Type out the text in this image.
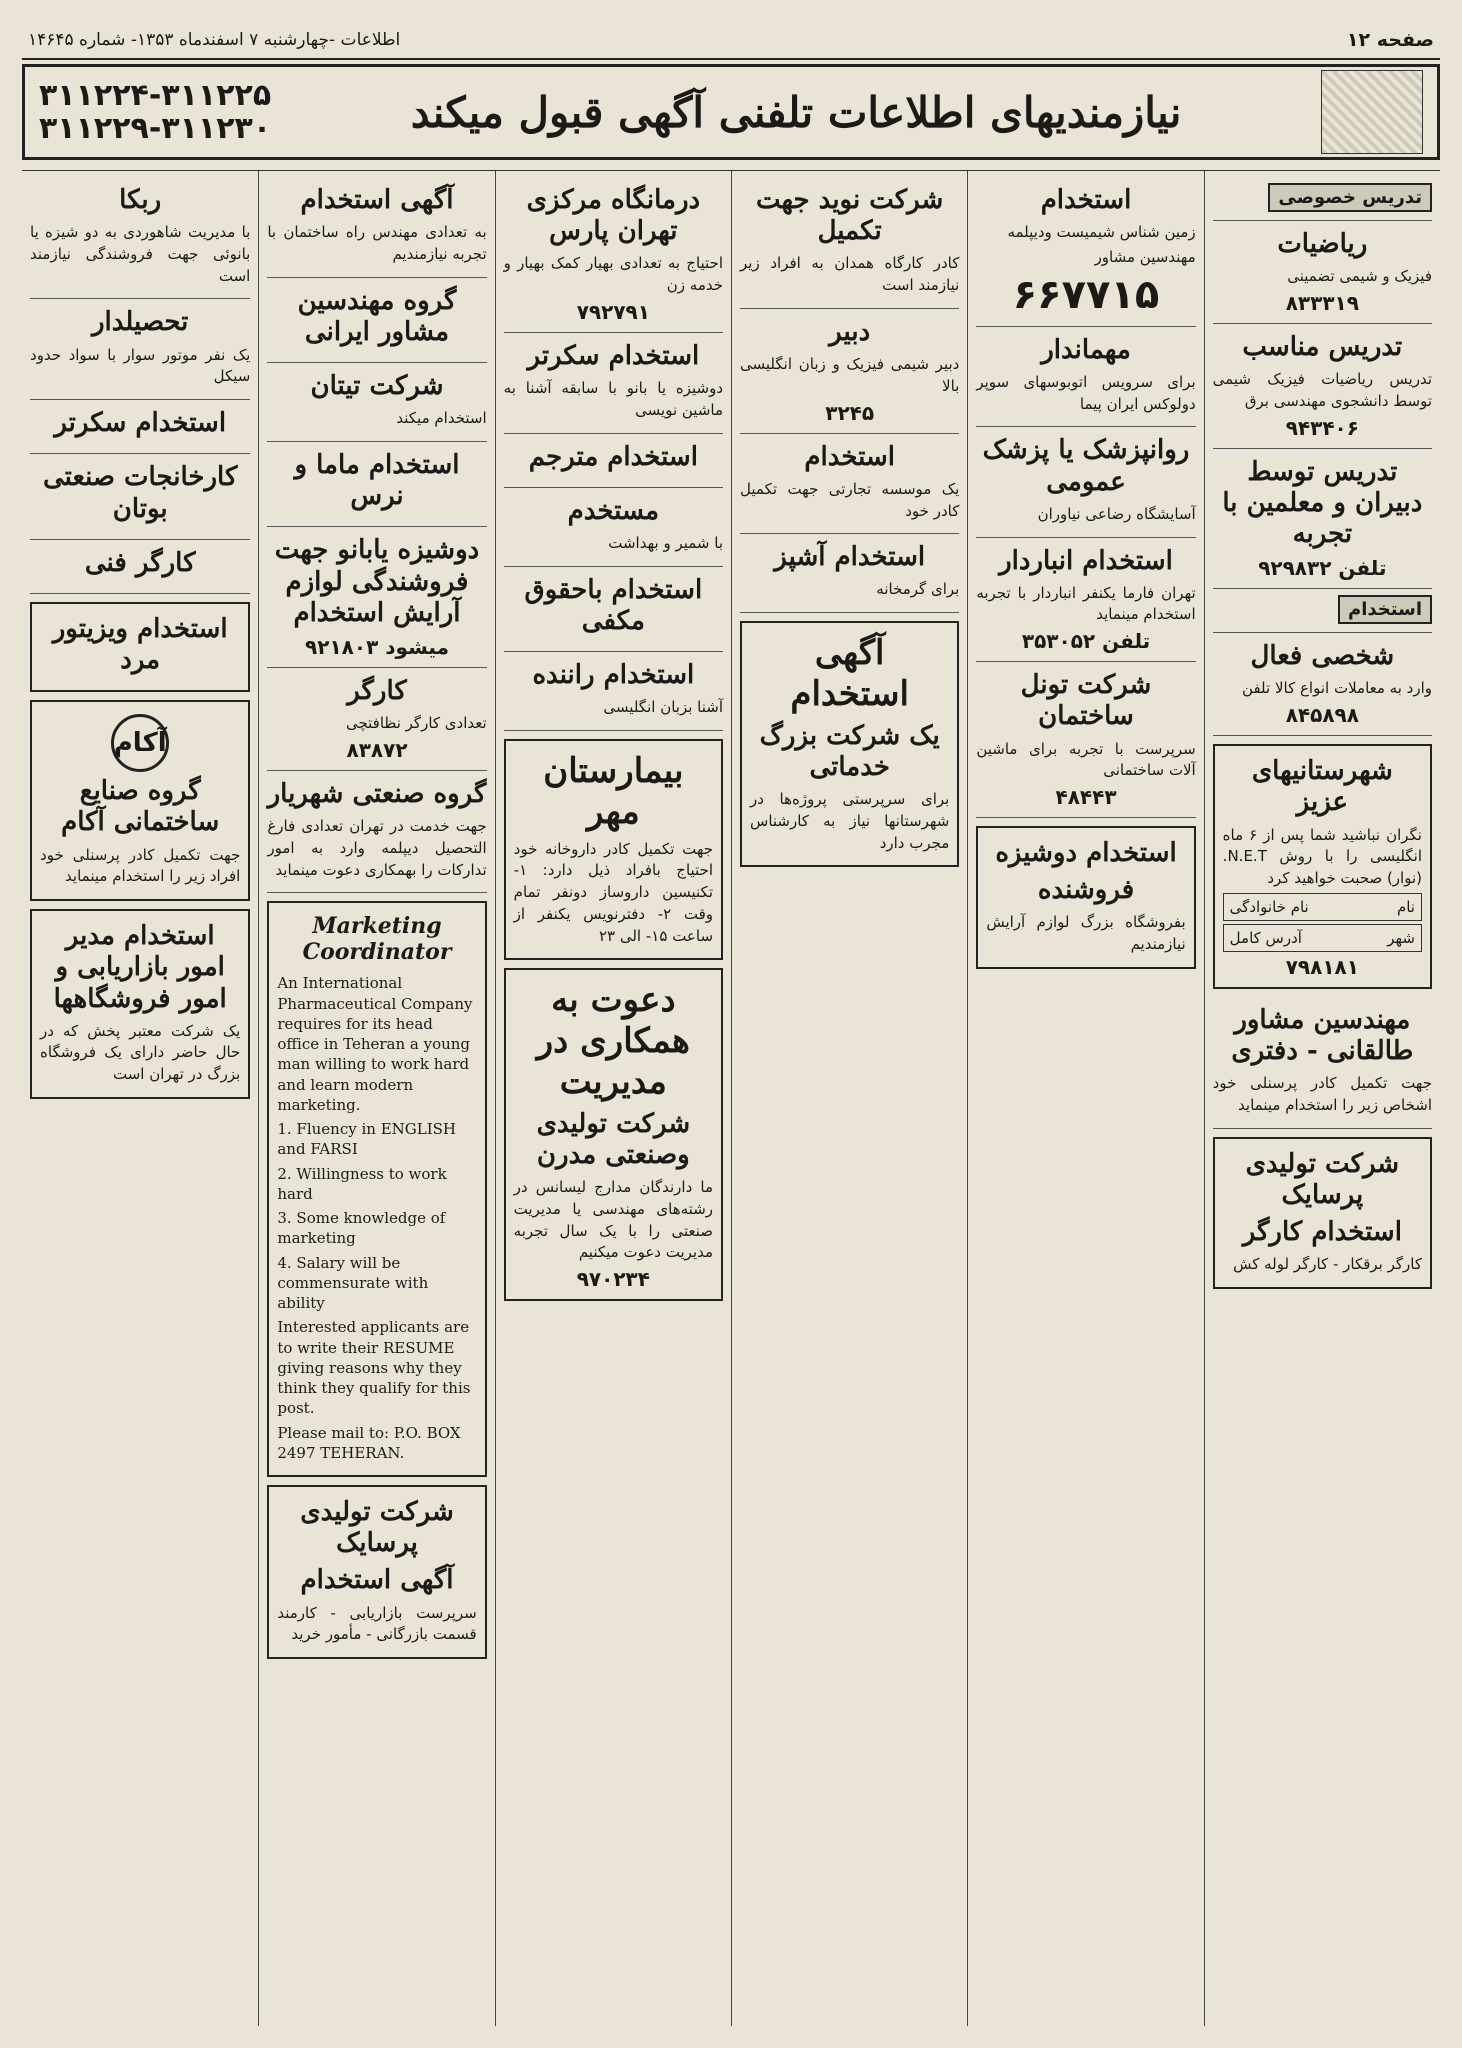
صفحه ۱۲
اطلاعات -چهارشنبه ۷ اسفندماه ۱۳۵۳- شماره ۱۴۶۴۵
نیازمندیهای اطلاعات تلفنی آگهی قبول میکند
۳۱۱۲۲۴-۳۱۱۲۲۵
۳۱۱۲۲۹-۳۱۱۲۳۰
تدریس خصوصی
ریاضیات

فیزیک و شیمی تضمینی

۸۳۳۳۱۹
تدریس مناسب

تدریس ریاضیات فیزیک شیمی توسط دانشجوی مهندسی برق

۹۴۳۴۰۶
تدریس توسط دبیران و معلمین با تجربه
تلفن ۹۲۹۸۳۲
استخدام
شخصی فعال

وارد به معاملات انواع کالا تلفن

۸۴۵۸۹۸
شهرستانیهای عزیز

نگران نباشید شما پس از ۶ ماه انگلیسی را با روش N.E.T. (نوار) صحبت خواهید کرد

نام
نام خانوادگی
شهر
آدرس کامل
۷۹۸۱۸۱
مهندسین مشاور طالقانی - دفتری

جهت تکمیل کادر پرسنلی خود اشخاص زیر را استخدام مینماید

شرکت تولیدی پرسایک
استخدام کارگر

کارگر برقکار - کارگر لوله کش

استخدام

زمین شناس شیمیست ودیپلمه

مهندسین مشاور

۶۶۷۷۱۵
مهماندار

برای سرویس اتوبوسهای سوپر دولوکس ایران پیما

روانپزشک یا پزشک عمومی

آسایشگاه رضاعی نیاوران

استخدام انباردار

تهران فارما یکنفر انباردار با تجربه استخدام مینماید

تلفن ۳۵۳۰۵۲
شرکت تونل ساختمان

سرپرست با تجربه برای ماشین آلات ساختمانی

۴۸۴۴۳
استخدام دوشیزه
فروشنده

بفروشگاه بزرگ لوازم آرایش نیازمندیم

شرکت نوید جهت تکمیل

کادر کارگاه همدان به افراد زیر نیازمند است

دبیر

دبیر شیمی فیزیک و زبان انگلیسی بالا

۳۲۴۵
استخدام

یک موسسه تجارتی جهت تکمیل کادر خود

استخدام آشپز

برای گرمخانه

آگهی استخدام
یک شرکت بزرگ خدماتی

برای سرپرستی پروژه‌ها در شهرستانها نیاز به کارشناس مجرب دارد

درمانگاه مرکزی تهران پارس

احتیاج به تعدادی بهیار کمک بهیار و خدمه زن

۷۹۲۷۹۱
استخدام سکرتر

دوشیزه یا بانو با سابقه آشنا به ماشین نویسی

استخدام مترجم
مستخدم

با شمیر و بهداشت

استخدام باحقوق مکفی
استخدام راننده

آشنا بزبان انگلیسی

بیمارستان مهر

جهت تکمیل کادر داروخانه خود احتیاج بافراد ذیل دارد: ۱- تکنیسین داروساز دونفر تمام وقت ۲- دفترنویس یکنفر از ساعت ۱۵- الی ۲۳

دعوت به همکاری در مدیریت
شرکت تولیدی وصنعتی مدرن

ما دارندگان مدارج لیسانس در رشته‌های مهندسی یا مدیریت صنعتی را با یک سال تجربه مدیریت دعوت میکنیم

۹۷۰۲۳۴
آگهی استخدام

به تعدادی مهندس راه ساختمان با تجربه نیازمندیم

گروه مهندسین مشاور ایرانی
شرکت تیتان

استخدام میکند

استخدام ماما و نرس
دوشیزه یابانو جهت فروشندگی لوازم آرایش استخدام
میشود ۹۲۱۸۰۳
کارگر

تعدادی کارگر نظافتچی

۸۳۸۷۲
گروه صنعتی شهریار

جهت خدمت در تهران تعدادی فارغ التحصیل دیپلمه وارد به امور تدارکات را بهمکاری دعوت مینماید

Marketing Coordinator

An International Pharmaceutical Company requires for its head office in Teheran a young man willing to work hard and learn modern marketing.

1. Fluency in ENGLISH and FARSI

2. Willingness to work hard

3. Some knowledge of marketing

4. Salary will be commensurate with ability

Interested applicants are to write their RESUME giving reasons why they think they qualify for this post.

Please mail to: P.O. BOX 2497 TEHERAN.

شرکت تولیدی پرسایک
آگهی استخدام

سرپرست بازاریابی - کارمند قسمت بازرگانی - مأمور خرید

ربکا

با مدیریت شاهوردی به دو شیزه یا بانوئی جهت فروشندگی نیازمند است

تحصیلدار

یک نفر موتور سوار با سواد حدود سیکل

استخدام سکرتر
کارخانجات صنعتی بوتان
کارگر فنی
استخدام ویزیتور مرد
آکام
گروه صنایع ساختمانی آکام

جهت تکمیل کادر پرسنلی خود افراد زیر را استخدام مینماید

استخدام مدیر امور بازاریابی و امور فروشگاهها

یک شرکت معتبر پخش که در حال حاضر دارای یک فروشگاه بزرگ در تهران است
